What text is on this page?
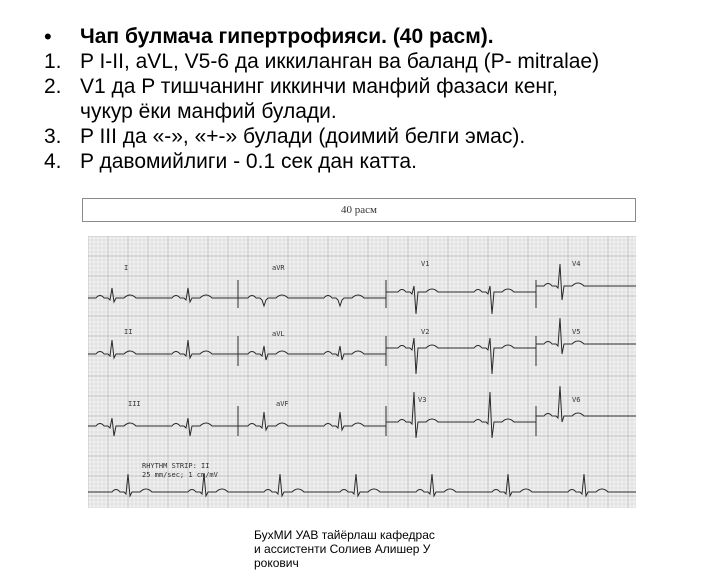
•	Чап булмача гипертрофияси. (40 расм).
1. P I-II, aVL, V5-6 да иккиланган ва баланд (P- mitralae)
2. V1 да P тишчанинг иккинчи манфий фазаси кенг,
чукур ёки манфий булади.
3. P III да «-», «+-» булади (доимий белги эмас).
4. P давомийлиги - 0.1 сек дан катта.
40 расм
I	aVR	V1	V4
II	aVL	V2	V5
III	aVF	V3	V6
RHYTHM STRIP: II
25 mm/sec; 1 cm/mV
БухМИ УАВ тайёрлаш кафедрас
и ассистенти Солиев Алишер У
рокович
